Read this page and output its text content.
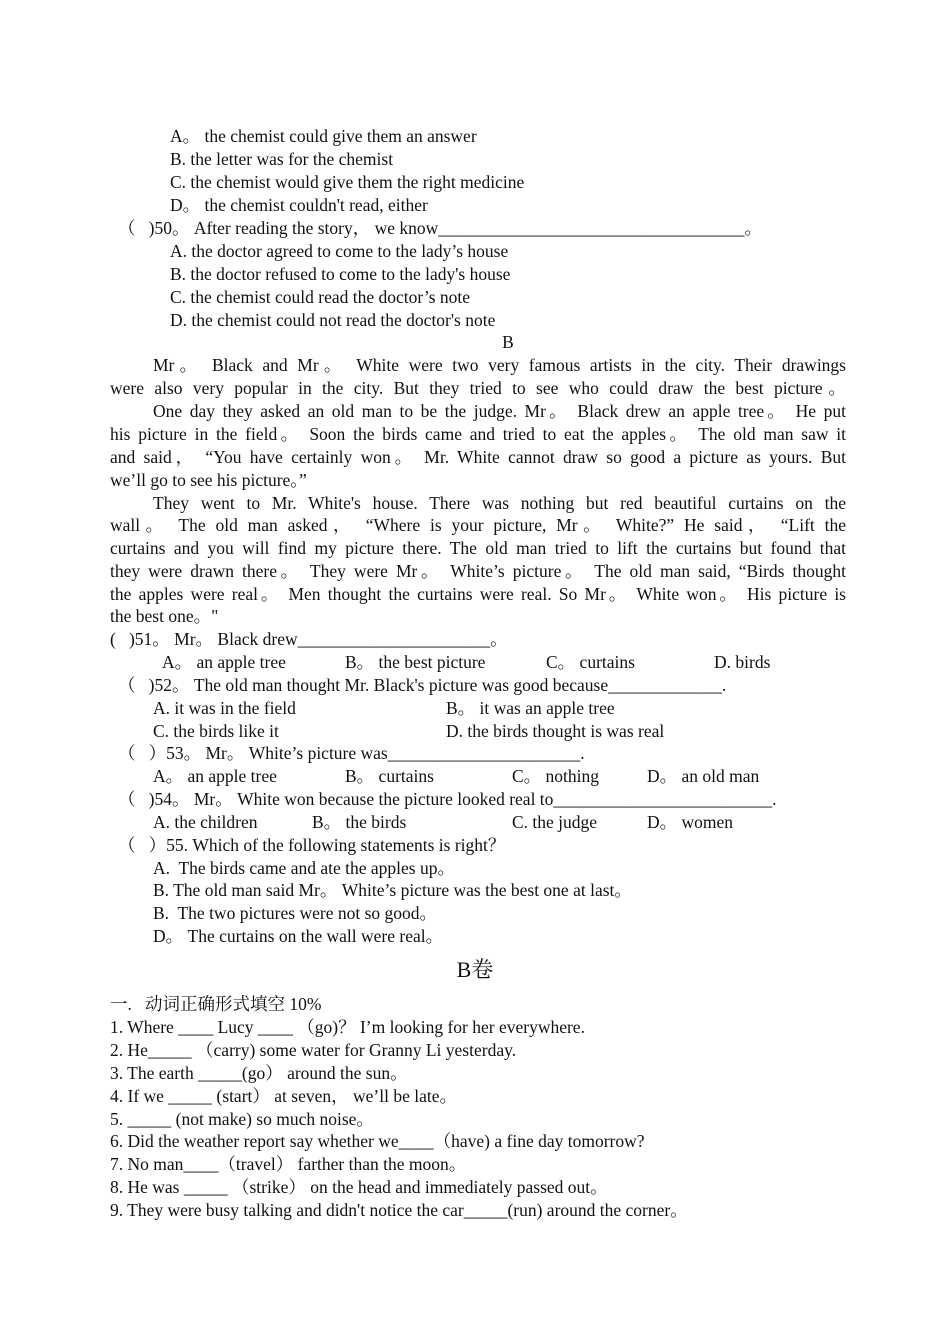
A。 the chemist could give them an answer
B. the letter was for the chemist
C. the chemist would give them the right medicine
D。 the chemist couldn't read, either
（   )50。 After reading the story， we know___________________________________。
A. the doctor agreed to come to the lady’s house
B. the doctor refused to come to the lady's house
C. the chemist could read the doctor’s note
D. the chemist could not read the doctor's note
B
Mr。 Black and Mr。 White were two very famous artists in the city. Their drawings
were also very popular in the city. But they tried to see who could draw the best picture。
One day they asked an old man to be the judge. Mr。 Black drew an apple tree。 He put
his picture in the field。 Soon the birds came and tried to eat the apples。 The old man saw it
and said， “You have certainly won。 Mr. White cannot draw so good a picture as yours. But
we’ll go to see his picture。”
They went to Mr. White's house. There was nothing but red beautiful curtains on the
wall。 The old man asked， “Where is your picture, Mr。 White?” He said， “Lift the
curtains and you will find my picture there. The old man tried to lift the curtains but found that
they were drawn there。 They were Mr。 White’s picture。 The old man said, “Birds thought
the apples were real。 Men thought the curtains were real. So Mr。 White won。 His picture is
the best one。"
(   )51。 Mr。 Black drew______________________。
A。 an apple tree	B。 the best picture	C。 curtains	D. birds
（   )52。 The old man thought Mr. Black's picture was good because_____________.
A. it was in the field	B。 it was an apple tree
C. the birds like it	D. the birds thought is was real
（   ）53。 Mr。 White’s picture was______________________.
A。 an apple tree	B。 curtains	C。 nothing	D。 an old man
（   )54。 Mr。 White won because the picture looked real to_________________________.
A. the children	B。 the birds	C. the judge	D。 women
（   ）55. Which of the following statements is right？
A.  The birds came and ate the apples up。
B. The old man said Mr。 White’s picture was the best one at last。
B.  The two pictures were not so good。
D。 The curtains on the wall were real。
B卷
一.   动词正确形式填空 10%
1. Where ____ Lucy ____ （go)？ I’m looking for her everywhere.
2. He_____ （carry) some water for Granny Li yesterday.
3. The earth _____(go） around the sun。
4. If we _____ (start） at seven， we’ll be late。
5. _____ (not make) so much noise。
6. Did the weather report say whether we____（have) a fine day tomorrow?
7. No man____（travel） farther than the moon。
8. He was _____ （strike） on the head and immediately passed out。
9. They were busy talking and didn't notice the car_____(run) around the corner。
